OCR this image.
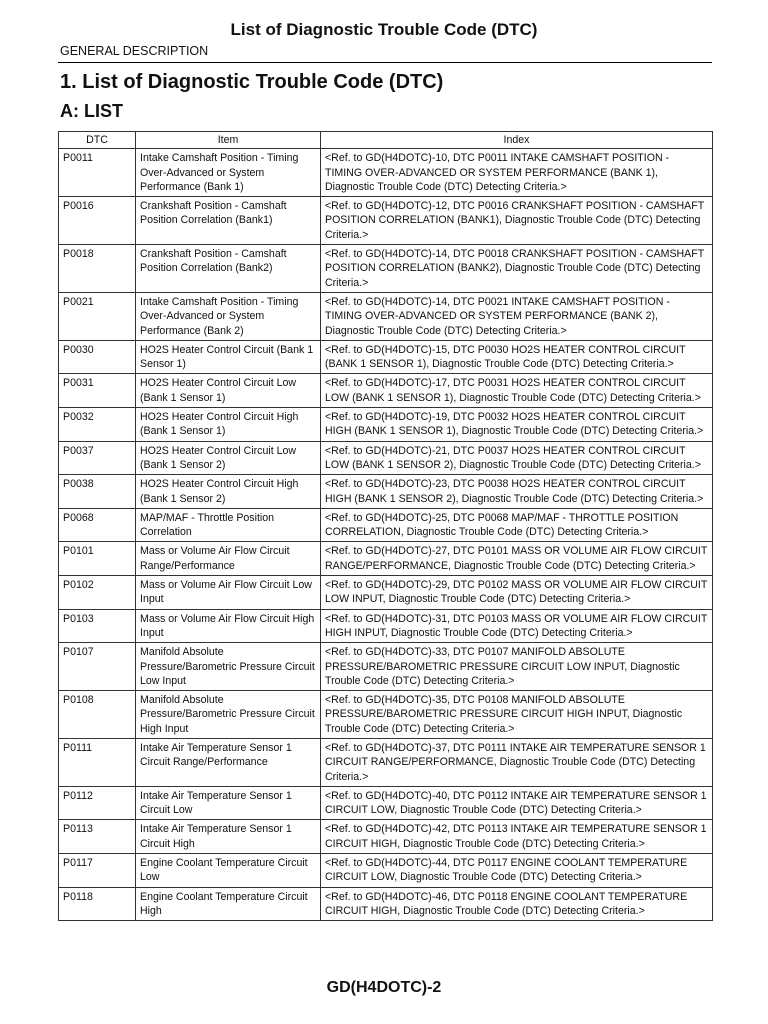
List of Diagnostic Trouble Code (DTC)
GENERAL DESCRIPTION
1. List of Diagnostic Trouble Code (DTC)
A: LIST
DTC	Item	Index
P0011	Intake Camshaft Position - Timing Over-Advanced or System Performance (Bank 1)	<Ref. to GD(H4DOTC)-10, DTC P0011 INTAKE CAMSHAFT POSITION - TIMING OVER-ADVANCED OR SYSTEM PERFORMANCE (BANK 1), Diagnostic Trouble Code (DTC) Detecting Criteria.>
P0016	Crankshaft Position - Camshaft Position Correlation (Bank1)	<Ref. to GD(H4DOTC)-12, DTC P0016 CRANKSHAFT POSITION - CAMSHAFT POSITION CORRELATION (BANK1), Diagnostic Trouble Code (DTC) Detecting Criteria.>
P0018	Crankshaft Position - Camshaft Position Correlation (Bank2)	<Ref. to GD(H4DOTC)-14, DTC P0018 CRANKSHAFT POSITION - CAMSHAFT POSITION CORRELATION (BANK2), Diagnostic Trouble Code (DTC) Detecting Criteria.>
P0021	Intake Camshaft Position - Timing Over-Advanced or System Performance (Bank 2)	<Ref. to GD(H4DOTC)-14, DTC P0021 INTAKE CAMSHAFT POSITION - TIMING OVER-ADVANCED OR SYSTEM PERFORMANCE (BANK 2), Diagnostic Trouble Code (DTC) Detecting Criteria.>
P0030	HO2S Heater Control Circuit (Bank 1 Sensor 1)	<Ref. to GD(H4DOTC)-15, DTC P0030 HO2S HEATER CONTROL CIRCUIT (BANK 1 SENSOR 1), Diagnostic Trouble Code (DTC) Detecting Criteria.>
P0031	HO2S Heater Control Circuit Low (Bank 1 Sensor 1)	<Ref. to GD(H4DOTC)-17, DTC P0031 HO2S HEATER CONTROL CIRCUIT LOW (BANK 1 SENSOR 1), Diagnostic Trouble Code (DTC) Detecting Criteria.>
P0032	HO2S Heater Control Circuit High (Bank 1 Sensor 1)	<Ref. to GD(H4DOTC)-19, DTC P0032 HO2S HEATER CONTROL CIRCUIT HIGH (BANK 1 SENSOR 1), Diagnostic Trouble Code (DTC) Detecting Criteria.>
P0037	HO2S Heater Control Circuit Low (Bank 1 Sensor 2)	<Ref. to GD(H4DOTC)-21, DTC P0037 HO2S HEATER CONTROL CIRCUIT LOW (BANK 1 SENSOR 2), Diagnostic Trouble Code (DTC) Detecting Criteria.>
P0038	HO2S Heater Control Circuit High (Bank 1 Sensor 2)	<Ref. to GD(H4DOTC)-23, DTC P0038 HO2S HEATER CONTROL CIRCUIT HIGH (BANK 1 SENSOR 2), Diagnostic Trouble Code (DTC) Detecting Criteria.>
P0068	MAP/MAF - Throttle Position Correlation	<Ref. to GD(H4DOTC)-25, DTC P0068 MAP/MAF - THROTTLE POSITION CORRELATION, Diagnostic Trouble Code (DTC) Detecting Criteria.>
P0101	Mass or Volume Air Flow Circuit Range/Performance	<Ref. to GD(H4DOTC)-27, DTC P0101 MASS OR VOLUME AIR FLOW CIRCUIT RANGE/PERFORMANCE, Diagnostic Trouble Code (DTC) Detecting Criteria.>
P0102	Mass or Volume Air Flow Circuit Low Input	<Ref. to GD(H4DOTC)-29, DTC P0102 MASS OR VOLUME AIR FLOW CIRCUIT LOW INPUT, Diagnostic Trouble Code (DTC) Detecting Criteria.>
P0103	Mass or Volume Air Flow Circuit High Input	<Ref. to GD(H4DOTC)-31, DTC P0103 MASS OR VOLUME AIR FLOW CIRCUIT HIGH INPUT, Diagnostic Trouble Code (DTC) Detecting Criteria.>
P0107	Manifold Absolute Pressure/Barometric Pressure Circuit Low Input	<Ref. to GD(H4DOTC)-33, DTC P0107 MANIFOLD ABSOLUTE PRESSURE/BAROMETRIC PRESSURE CIRCUIT LOW INPUT, Diagnostic Trouble Code (DTC) Detecting Criteria.>
P0108	Manifold Absolute Pressure/Barometric Pressure Circuit High Input	<Ref. to GD(H4DOTC)-35, DTC P0108 MANIFOLD ABSOLUTE PRESSURE/BAROMETRIC PRESSURE CIRCUIT HIGH INPUT, Diagnostic Trouble Code (DTC) Detecting Criteria.>
P0111	Intake Air Temperature Sensor 1 Circuit Range/Performance	<Ref. to GD(H4DOTC)-37, DTC P0111 INTAKE AIR TEMPERATURE SENSOR 1 CIRCUIT RANGE/PERFORMANCE, Diagnostic Trouble Code (DTC) Detecting Criteria.>
P0112	Intake Air Temperature Sensor 1 Circuit Low	<Ref. to GD(H4DOTC)-40, DTC P0112 INTAKE AIR TEMPERATURE SENSOR 1 CIRCUIT LOW, Diagnostic Trouble Code (DTC) Detecting Criteria.>
P0113	Intake Air Temperature Sensor 1 Circuit High	<Ref. to GD(H4DOTC)-42, DTC P0113 INTAKE AIR TEMPERATURE SENSOR 1 CIRCUIT HIGH, Diagnostic Trouble Code (DTC) Detecting Criteria.>
P0117	Engine Coolant Temperature Circuit Low	<Ref. to GD(H4DOTC)-44, DTC P0117 ENGINE COOLANT TEMPERATURE CIRCUIT LOW, Diagnostic Trouble Code (DTC) Detecting Criteria.>
P0118	Engine Coolant Temperature Circuit High	<Ref. to GD(H4DOTC)-46, DTC P0118 ENGINE COOLANT TEMPERATURE CIRCUIT HIGH, Diagnostic Trouble Code (DTC) Detecting Criteria.>
GD(H4DOTC)-2
